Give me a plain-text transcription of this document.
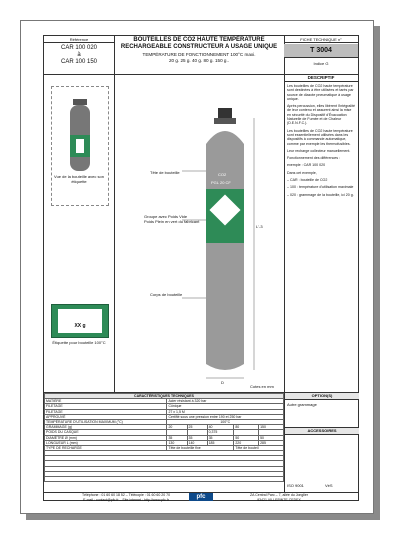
Référence
CAR 100 020
à
CAR 100 150
BOUTEILLES DE CO2 HAUTE TEMPÉRATURE
RECHARGEABLE CONSTRUCTEUR A USAGE UNIQUE
TEMPÉRATURE DE FONCTIONNEMENT 100°C maxi.
20 g. 25 g. 40 g. 80 g. 150 g..
FICHE TECHNIQUE n°
T 3004
Indice G
Vue de la bouteille avec son étiquette
XX g
Étiquette pour bouteille 100°C
Tête de bouteille
Groupe avec Poids Vide
Poids Plein en vert du fabricant
Corps de bouteille
L'-3
D
Cotes en mm
CO2
PGL 20 CF
DESCRIPTIF

Les bouteilles de CO2 haute température sont destinées à être utilisées et tarés par source de diazote pneumatique à usage unique.

Après percussion, elles libèrent l'intégralité de leur contenu et assurent ainsi la mise en sécurité du Dispositif d'Évacuation Naturelle de Fumée et de Chaleur (D.E.N.F.C.).

Les bouteilles de CO2 haute température sont essentiellement utilisées dans les dispositifs à commande automatique, comme par exemple les thermofusibles.

Leur recharge collecteur manuellement.

Fonctionnement des différences :

exemple : CAR 100 020

Dans cet exemple,

– CAR : bouteille de CO2

– 100 : température d'utilisation maximale

– 020 : grammage de la bouteille, ici 20 g.

CARACTÉRISTIQUES TECHNIQUES					
MATIÈRE	Acier résistant à 320 bar				
FILETAGE	Cônique				
FILETAGE	27 x 1,5 M				
APPROUVÉ	Certifié sous une pression entre 190 et 250 bar				
TEMPÉRATURE D'UTILISATION MAXIMUM (°C)	100°C				
GRAMMAGE (g)	20	25	40	80	150
POIDS DU CASQUE			0,375		
DIAMÈTRE Ø (mm)	35	35	35	50	50
LONGUEUR L (mm)	130	140	185	220	285
TYPE DE RECHARGE	Tête de bouteille fixe			Tête de bouteil	

OPTION(S)
Autre grammage
ACCESSOIRES
ISO 9001	VéS
Téléphone : 01 60 60 18 52 – Télécopie : 01 60 60 20 70
E-mail : contact@pfc.fr – Site internet : http://www.pfc.fr	pfc	ZA Central Parc – 7, allée du Jonglier
93421 VILLEPINTE CEDEX
